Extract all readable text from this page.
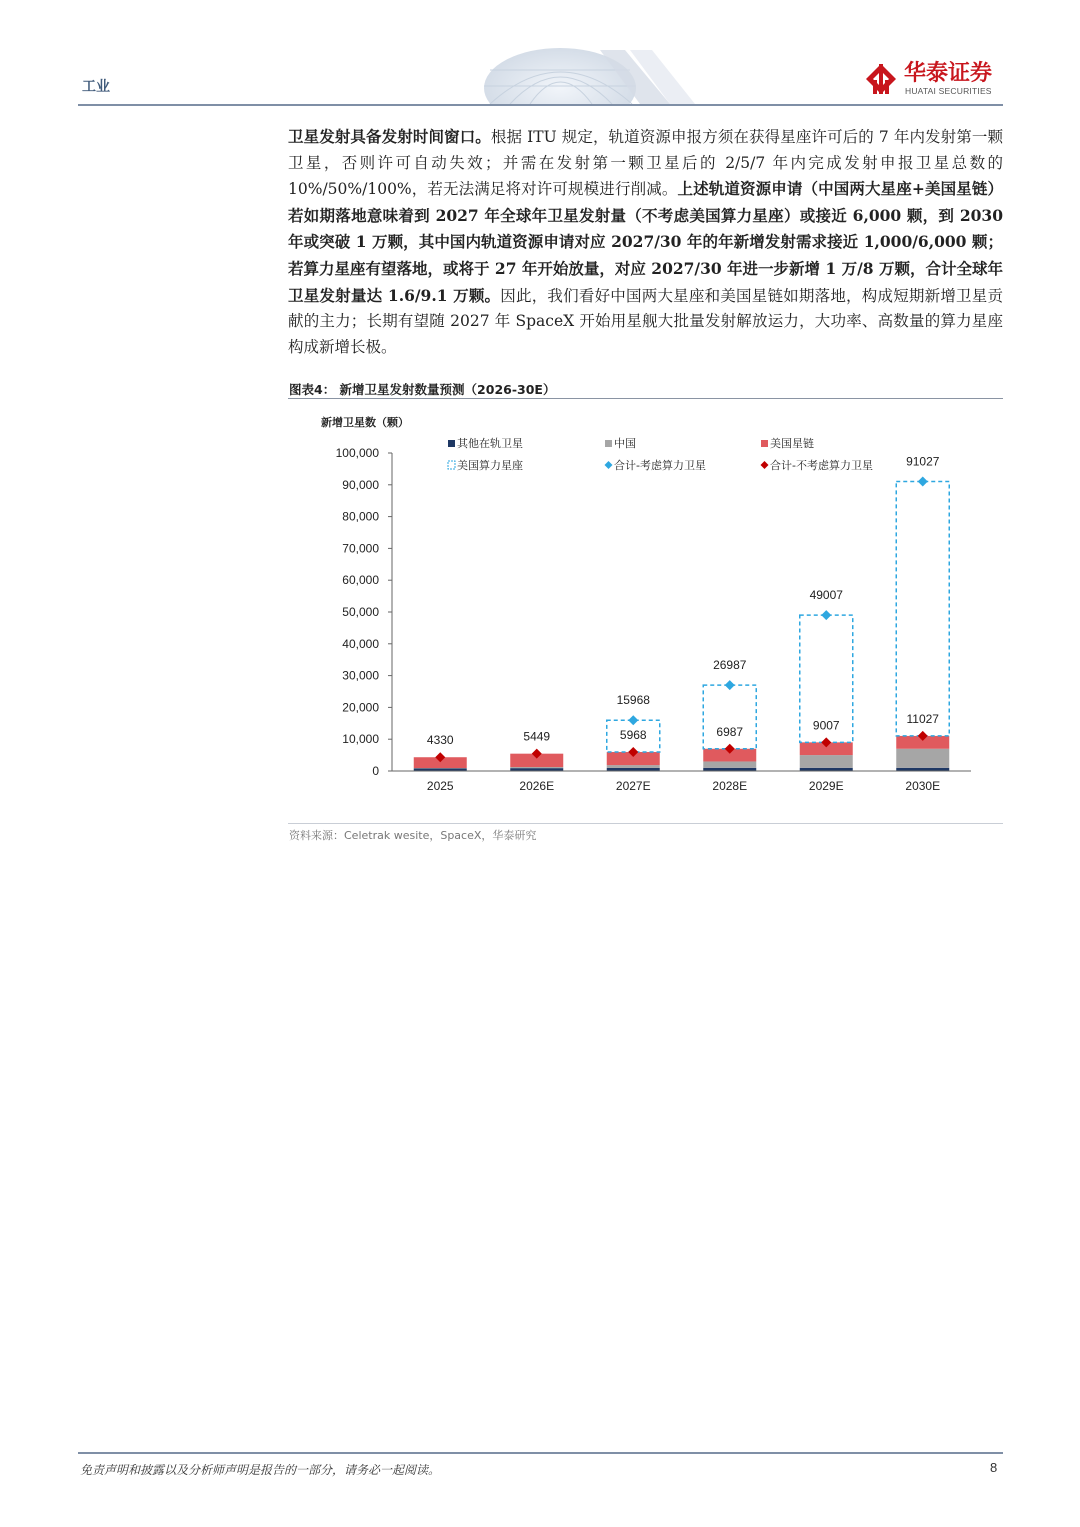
工业
华泰证券
HUATAI SECURITIES
卫星发射具备发射时间窗口。根据 ITU 规定，轨道资源申报方须在获得星座许可后的 7 年内发射第一颗卫星，否则许可自动失效；并需在发射第一颗卫星后的 2/5/7 年内完成发射申报卫星总数的 10%/50%/100%，若无法满足将对许可规模进行削减。上述轨道资源申请（中国两大星座+美国星链）若如期落地意味着到 2027 年全球年卫星发射量（不考虑美国算力星座）或接近 6,000 颗，到 2030 年或突破 1 万颗，其中国内轨道资源申请对应 2027/30 年的年新增发射需求接近 1,000/6,000 颗；若算力星座有望落地，或将于 27 年开始放量，对应 2027/30 年进一步新增 1 万/8 万颗，合计全球年卫星发射量达 1.6/9.1 万颗。因此，我们看好中国两大星座和美国星链如期落地，构成短期新增卫星贡献的主力；长期有望随 2027 年 SpaceX 开始用星舰大批量发射解放运力，大功率、高数量的算力星座构成新增长极。
图表4： 新增卫星发射数量预测（2026-30E）
新增卫星数（颗）
其他在轨卫星	中国	美国星链
美国算力星座	合计-考虑算力卫星	合计-不考虑算力卫星
0
10,000
20,000
30,000
40,000
50,000
60,000
70,000
80,000
90,000
100,000
4330	5449
15968
5968
26987
6987
49007
9007
91027
11027
2025	2026E	2027E	2028E	2029E	2030E
资料来源：Celetrak wesite，SpaceX，华泰研究
免责声明和披露以及分析师声明是报告的一部分，请务必一起阅读。	8
